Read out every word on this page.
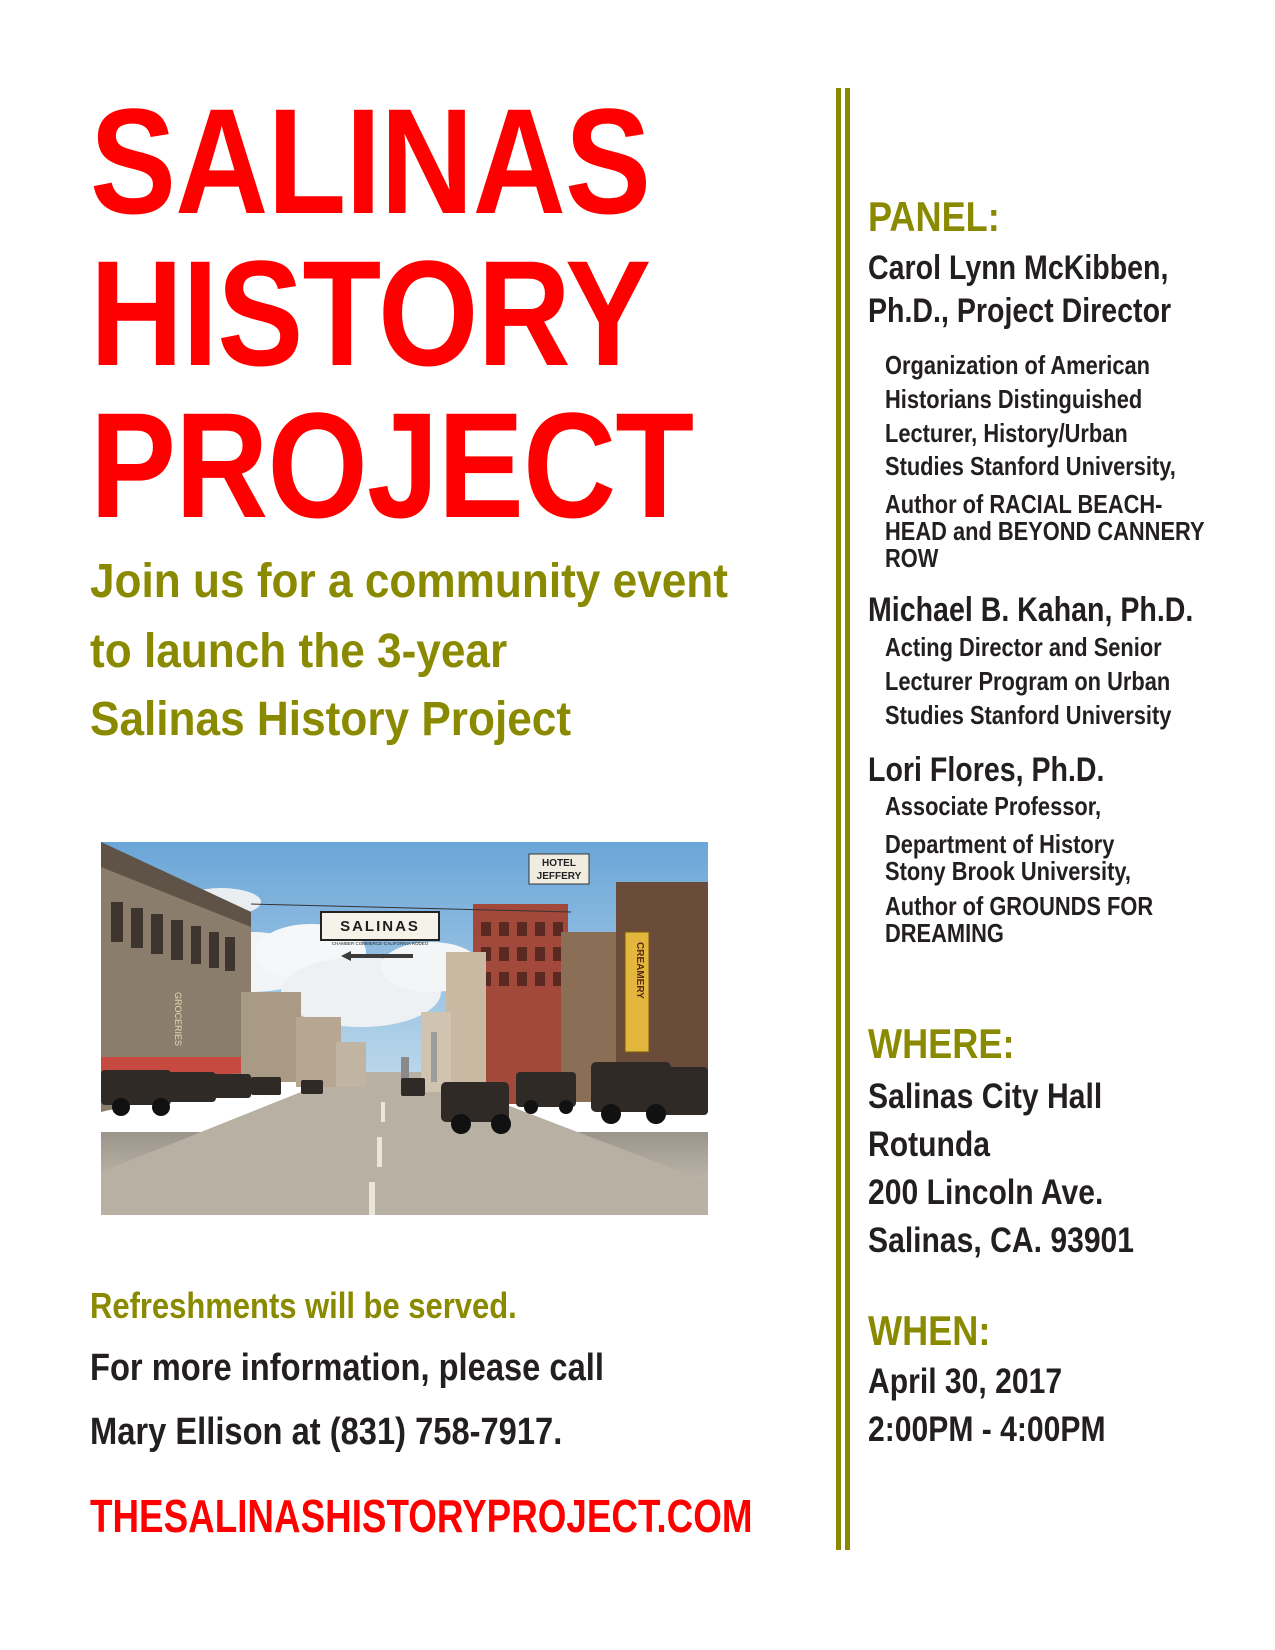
SALINAS
HISTORY
PROJECT
Join us for a community event
to launch the 3-year
Salinas History Project
GROCERIES
HOTEL
JEFFERY
CREAMERY
SALINAS
CHAMBER COMMERCE-CALIFORNIA RODEO
Refreshments will be served.
For more information, please call
Mary Ellison at (831) 758-7917.
THESALINASHISTORYPROJECT.COM
PANEL:
Carol Lynn McKibben,
Ph.D., Project Director
Organization of American
Historians Distinguished
Lecturer, History/Urban
Studies Stanford University,
Author of RACIAL BEACH-
HEAD and BEYOND CANNERY
ROW
Michael B. Kahan, Ph.D.
Acting Director and Senior
Lecturer Program on Urban
Studies Stanford University
Lori Flores, Ph.D.
Associate Professor,
Department of History
Stony Brook University,
Author of GROUNDS FOR
DREAMING
WHERE:
Salinas City Hall
Rotunda
200 Lincoln Ave.
Salinas, CA. 93901
WHEN:
April 30, 2017
2:00PM - 4:00PM
